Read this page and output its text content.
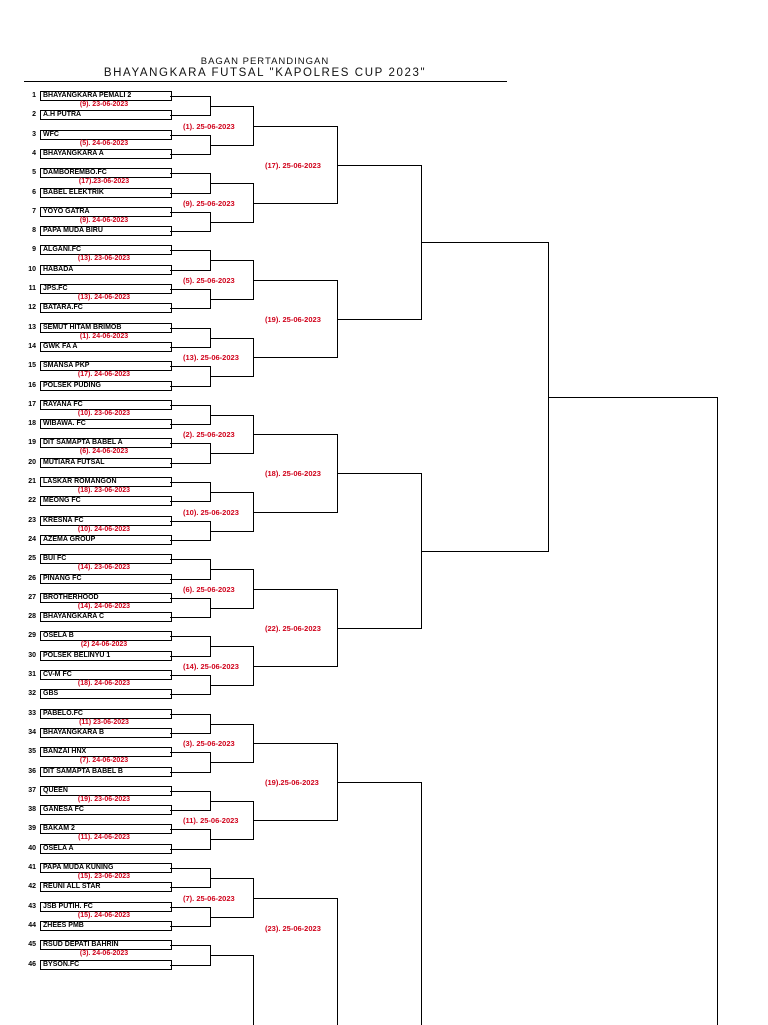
BAGAN PERTANDINGAN
BHAYANGKARA FUTSAL "KAPOLRES CUP 2023"
1	BHAYANGKARA PEMALI 2
2	A.H PUTRA
3	WFC
4	BHAYANGKARA A
5	DAMBOREMBO.FC
6	BABEL ELEKTRIK
7	YOYO GATRA
8	PAPA MUDA BIRU
9	ALGANI.FC
10	HABADA
11	JPS.FC
12	BATARA.FC
13	SEMUT HITAM BRIMOB
14	GWK FA A
15	SMANSA PKP
16	POLSEK PUDING
17	RAYANA FC
18	WIBAWA. FC
19	DIT SAMAPTA BABEL A
20	MUTIARA FUTSAL
21	LASKAR ROMANGON
22	MEONG FC
23	KRESNA FC
24	AZEMA GROUP
25	BUI FC
26	PINANG FC
27	BROTHERHOOD
28	BHAYANGKARA C
29	OSELA B
30	POLSEK BELINYU 1
31	CV-M FC
32	GBS
33	PABELO.FC
34	BHAYANGKARA B
35	BANZAI HNX
36	DIT SAMAPTA BABEL B
37	QUEEN
38	GANESA FC
39	BAKAM 2
40	OSELA A
41	PAPA MUDA KUNING
42	REUNI ALL STAR
43	JSB PUTIH. FC
44	ZHEES PMB
45	RSUD DEPATI BAHRIN
46	BYSON.FC
(9). 23-06-2023
(5). 24-06-2023
(17).23-06-2023
(9). 24-06-2023
(13). 23-06-2023
(13). 24-06-2023
(1). 24-06-2023
(17). 24-06-2023
(10). 23-06-2023
(6). 24-06-2023
(18). 23-06-2023
(10). 24-06-2023
(14). 23-06-2023
(14). 24-06-2023
(2) 24-06-2023
(18). 24-06-2023
(11) 23-06-2023
(7). 24-06-2023
(19). 23-06-2023
(11). 24-06-2023
(15). 23-06-2023
(15). 24-06-2023
(3). 24-06-2023
(1). 25-06-2023
(9). 25-06-2023
(5). 25-06-2023
(13). 25-06-2023
(2). 25-06-2023
(10). 25-06-2023
(6). 25-06-2023
(14). 25-06-2023
(3). 25-06-2023
(11). 25-06-2023
(7). 25-06-2023
(17). 25-06-2023
(19). 25-06-2023
(18). 25-06-2023
(22). 25-06-2023
(19).25-06-2023
(23). 25-06-2023
